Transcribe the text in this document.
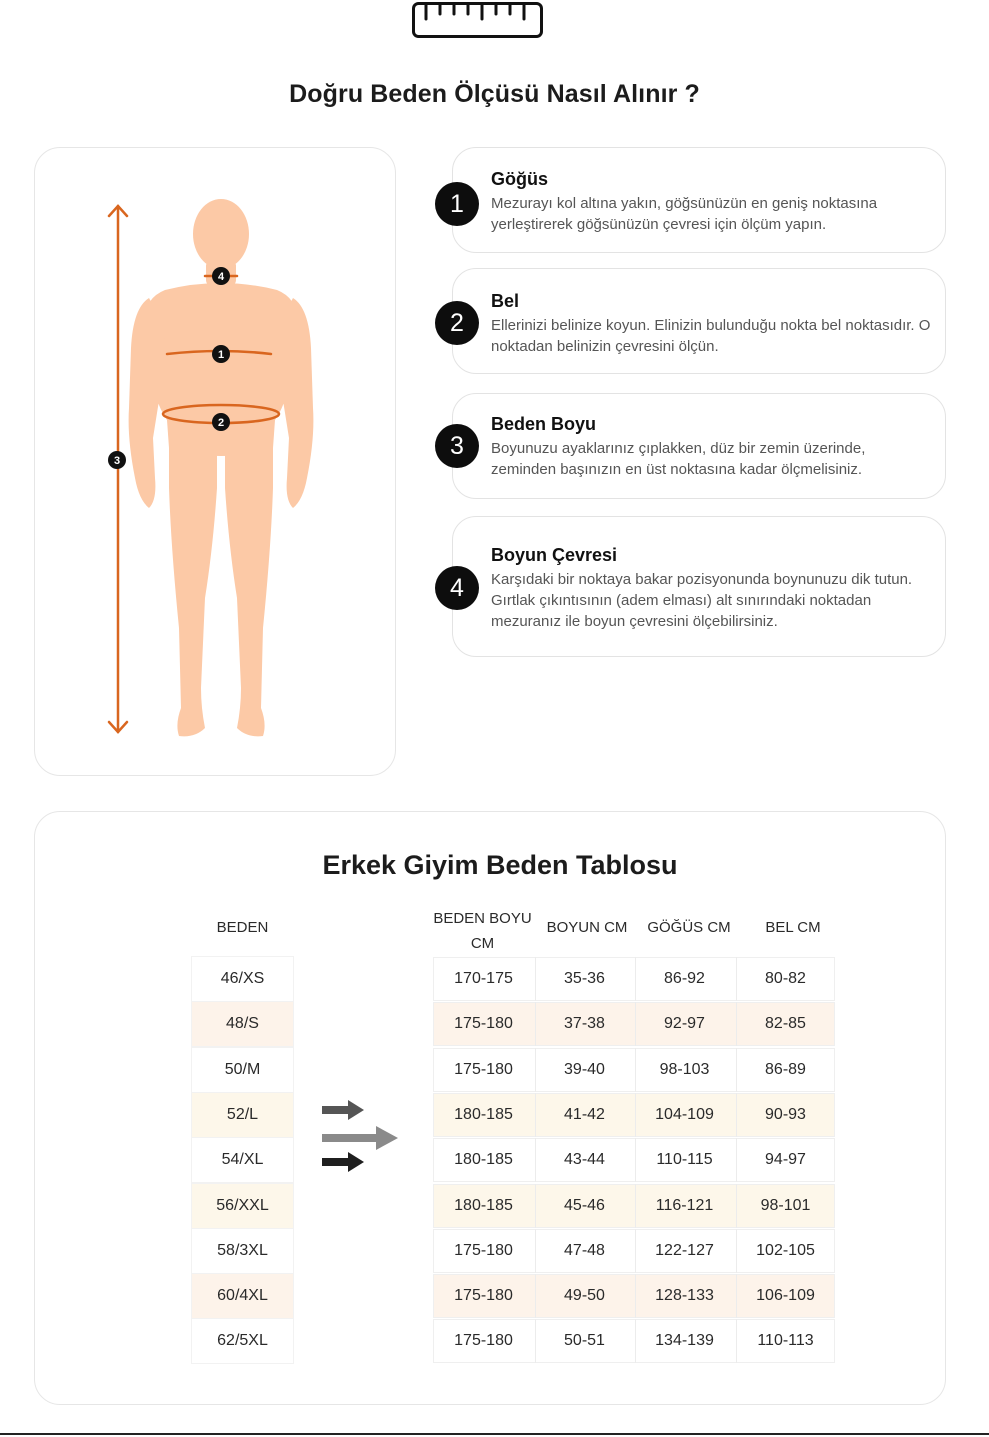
Doğru Beden Ölçüsü Nasıl Alınır ?
4
1
2
3
1
Göğüs
Mezurayı kol altına yakın, göğsünüzün en geniş noktasına yerleştirerek göğsünüzün çevresi için ölçüm yapın.
2
Bel
Ellerinizi belinize koyun. Elinizin bulunduğu nokta bel noktasıdır. O noktadan belinizin çevresini ölçün.
3
Beden Boyu
Boyunuzu ayaklarınız çıplakken, düz bir zemin üzerinde, zeminden başınızın en üst noktasına kadar ölçmelisiniz.
4
Boyun Çevresi
Karşıdaki bir noktaya bakar pozisyonunda boynunuzu dik tutun. Gırtlak çıkıntısının (adem elması) alt sınırındaki noktadan mezuranız ile boyun çevresini ölçebilirsiniz.
Erkek Giyim Beden Tablosu
BEDEN
BEDEN BOYU
CM
BOYUN CM	GÖĞÜS CM	BEL CM
46/XS	170-175	35-36	86-92	80-82
48/S	175-180	37-38	92-97	82-85
50/M	175-180	39-40	98-103	86-89
52/L	180-185	41-42	104-109	90-93
54/XL	180-185	43-44	110-115	94-97
56/XXL	180-185	45-46	116-121	98-101
58/3XL	175-180	47-48	122-127	102-105
60/4XL	175-180	49-50	128-133	106-109
62/5XL	175-180	50-51	134-139	110-113
